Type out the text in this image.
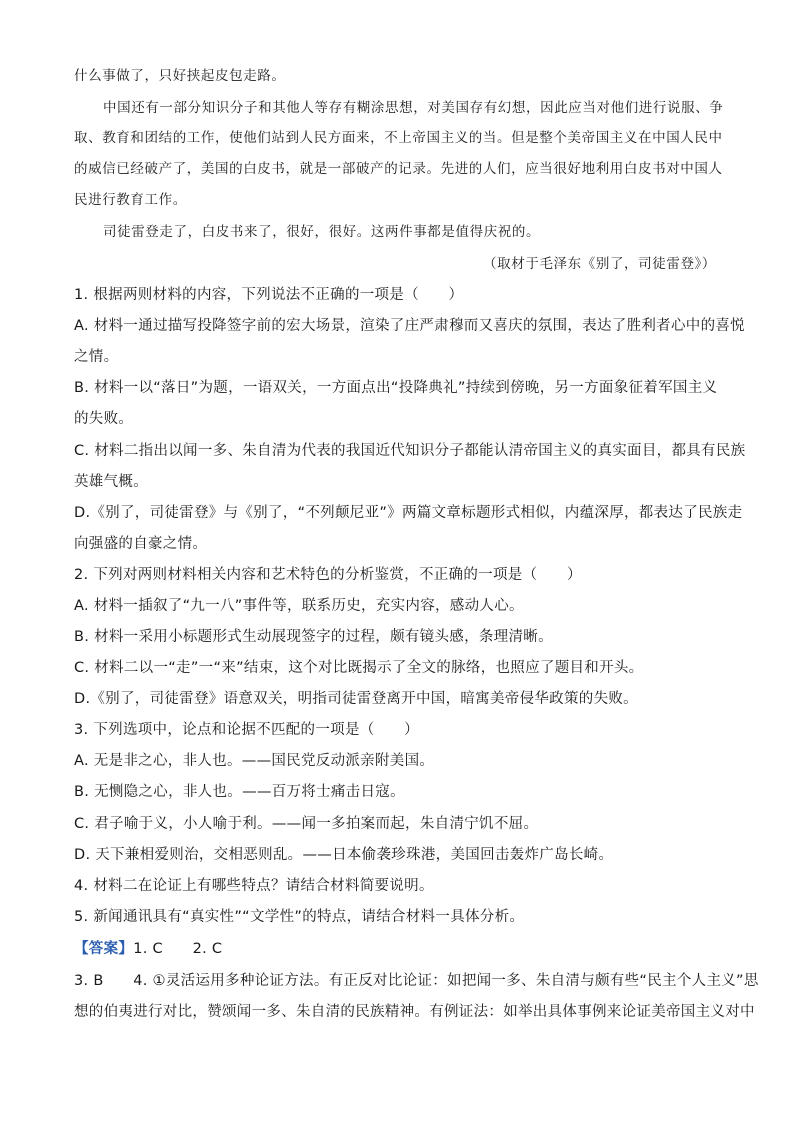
什么事做了，只好挟起皮包走路。
中国还有一部分知识分子和其他人等存有糊涂思想，对美国存有幻想，因此应当对他们进行说服、争
取、教育和团结的工作，使他们站到人民方面来，不上帝国主义的当。但是整个美帝国主义在中国人民中
的威信已经破产了，美国的白皮书，就是一部破产的记录。先进的人们，应当很好地利用白皮书对中国人
民进行教育工作。
司徒雷登走了，白皮书来了，很好，很好。这两件事都是值得庆祝的。
（取材于毛泽东《别了，司徒雷登》）
1. 根据两则材料的内容，下列说法不正确的一项是（　　）
A. 材料一通过描写投降签字前的宏大场景，渲染了庄严肃穆而又喜庆的氛围，表达了胜利者心中的喜悦
之情。
B. 材料一以“落日”为题，一语双关，一方面点出“投降典礼”持续到傍晚，另一方面象征着军国主义
的失败。
C. 材料二指出以闻一多、朱自清为代表的我国近代知识分子都能认清帝国主义的真实面目，都具有民族
英雄气概。
D.《别了，司徒雷登》与《别了，“不列颠尼亚”》两篇文章标题形式相似，内蕴深厚，都表达了民族走
向强盛的自豪之情。
2. 下列对两则材料相关内容和艺术特色的分析鉴赏，不正确的一项是（　　）
A. 材料一插叙了“九一八”事件等，联系历史，充实内容，感动人心。
B. 材料一采用小标题形式生动展现签字的过程，颇有镜头感，条理清晰。
C. 材料二以一“走”一“来”结束，这个对比既揭示了全文的脉络，也照应了题目和开头。
D.《别了，司徒雷登》语意双关，明指司徒雷登离开中国，暗寓美帝侵华政策的失败。
3. 下列选项中，论点和论据不匹配的一项是（　　）
A. 无是非之心，非人也。——国民党反动派亲附美国。
B. 无恻隐之心，非人也。——百万将士痛击日寇。
C. 君子喻于义，小人喻于利。——闻一多拍案而起，朱自清宁饥不屈。
D. 天下兼相爱则治，交相恶则乱。——日本偷袭珍珠港，美国回击轰炸广岛长崎。
4. 材料二在论证上有哪些特点？请结合材料简要说明。
5. 新闻通讯具有“真实性”“文学性”的特点，请结合材料一具体分析。
【答案】1. C　　2. C
3. B　　4. ①灵活运用多种论证方法。有正反对比论证：如把闻一多、朱自清与颇有些“民主个人主义”思
想的伯夷进行对比，赞颂闻一多、朱自清的民族精神。有例证法：如举出具体事例来论证美帝国主义对中
